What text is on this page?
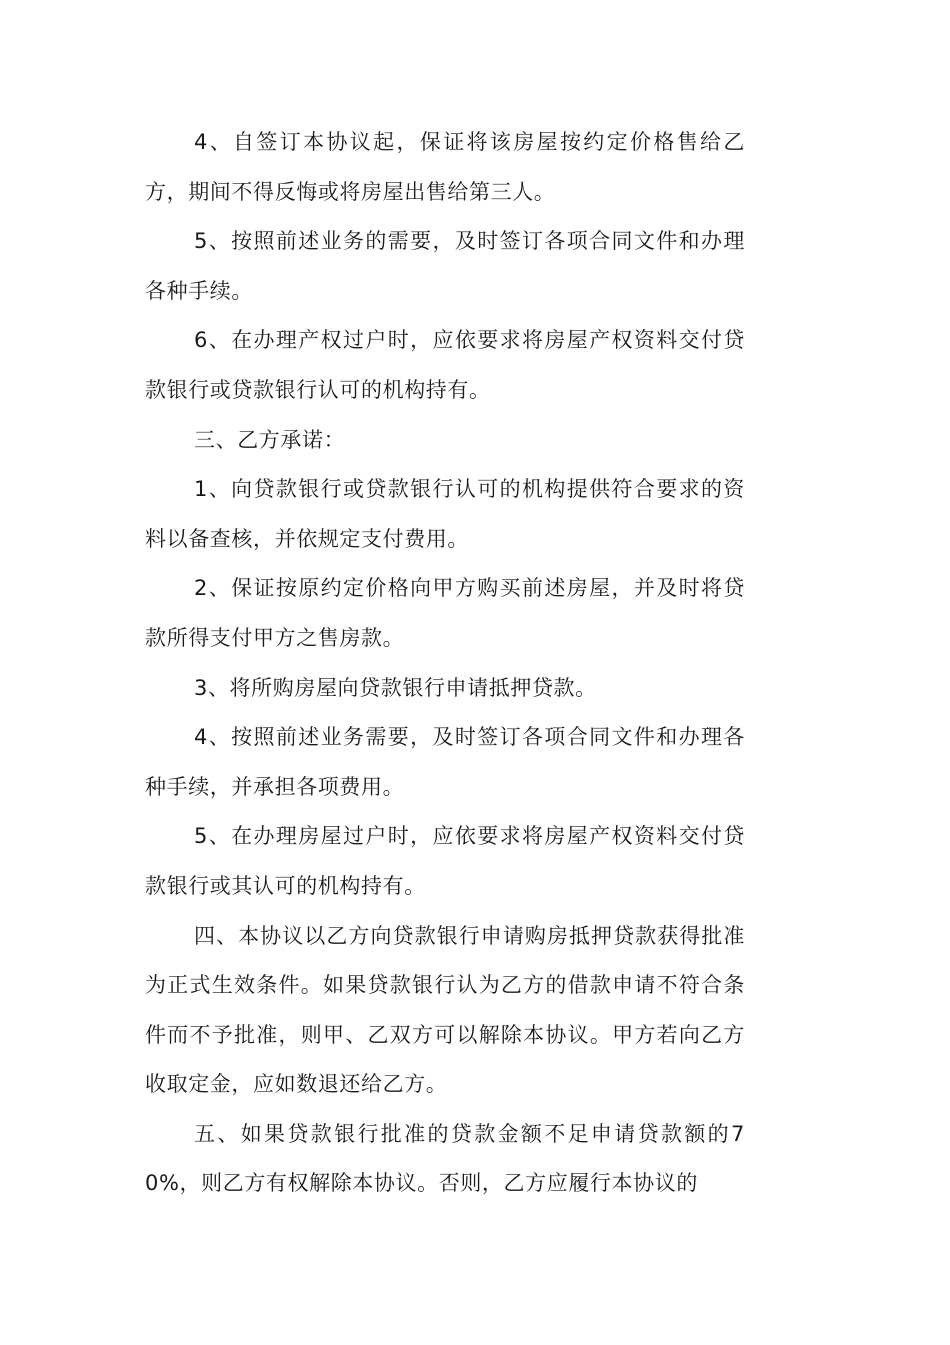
4、自签订本协议起，保证将该房屋按约定价格售给乙方，期间不得反悔或将房屋出售给第三人。

5、按照前述业务的需要，及时签订各项合同文件和办理各种手续。

6、在办理产权过户时，应依要求将房屋产权资料交付贷款银行或贷款银行认可的机构持有。

三、乙方承诺：

1、向贷款银行或贷款银行认可的机构提供符合要求的资料以备查核，并依规定支付费用。

2、保证按原约定价格向甲方购买前述房屋，并及时将贷款所得支付甲方之售房款。

3、将所购房屋向贷款银行申请抵押贷款。

4、按照前述业务需要，及时签订各项合同文件和办理各种手续，并承担各项费用。

5、在办理房屋过户时，应依要求将房屋产权资料交付贷款银行或其认可的机构持有。

四、本协议以乙方向贷款银行申请购房抵押贷款获得批准为正式生效条件。如果贷款银行认为乙方的借款申请不符合条件而不予批准，则甲、乙双方可以解除本协议。甲方若向乙方收取定金，应如数退还给乙方。

五、如果贷款银行批准的贷款金额不足申请贷款额的70%，则乙方有权解除本协议。否则，乙方应履行本协议的
